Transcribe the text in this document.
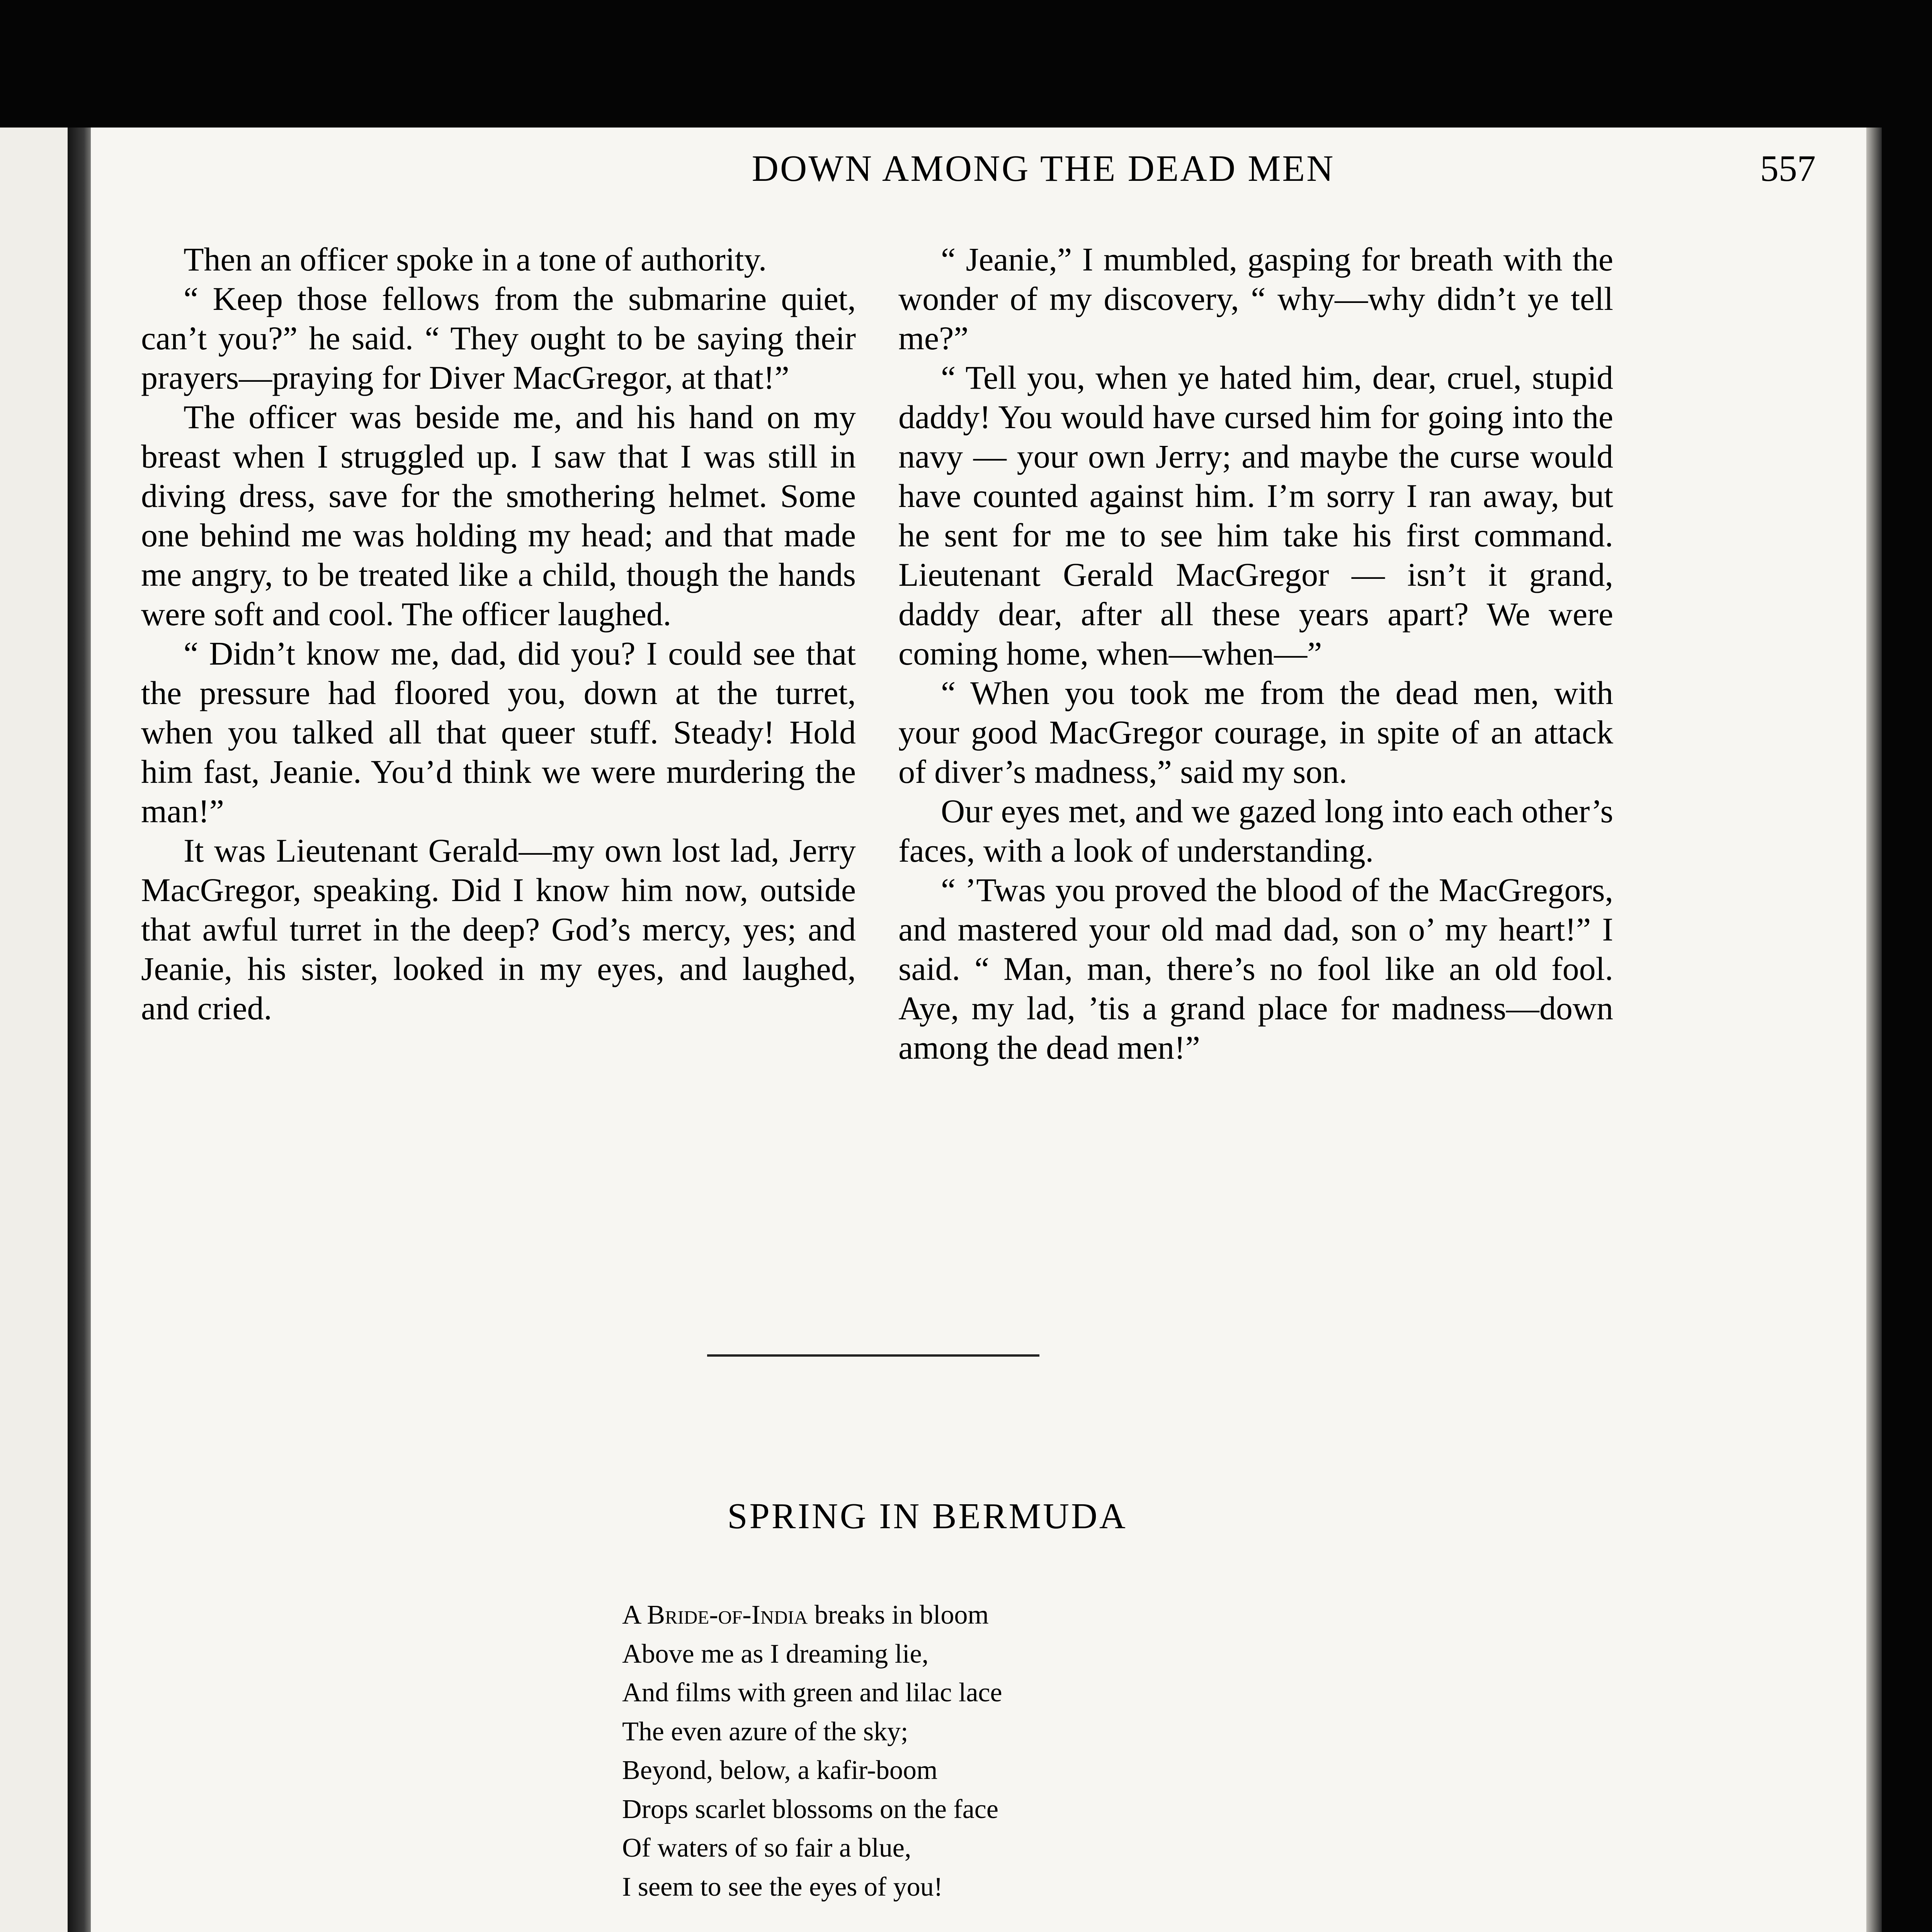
DOWN AMONG THE DEAD MEN	557

Then an officer spoke in a tone of authority.

“ Keep those fellows from the submarine quiet, can’t you?” he said. “ They ought to be saying their prayers—praying for Diver MacGregor, at that!”

The officer was beside me, and his hand on my breast when I struggled up. I saw that I was still in diving dress, save for the smothering helmet. Some one behind me was holding my head; and that made me angry, to be treated like a child, though the hands were soft and cool. The officer laughed.

“ Didn’t know me, dad, did you? I could see that the pressure had floored you, down at the turret, when you talked all that queer stuff. Steady! Hold him fast, Jeanie. You’d think we were murdering the man!”

It was Lieutenant Gerald—my own lost lad, Jerry MacGregor, speaking. Did I know him now, outside that awful turret in the deep? God’s mercy, yes; and Jeanie, his sister, looked in my eyes, and laughed, and cried.

“ Jeanie,” I mumbled, gasping for breath with the wonder of my discovery, “ why—why didn’t ye tell me?”

“ Tell you, when ye hated him, dear, cruel, stupid daddy! You would have cursed him for going into the navy — your own Jerry; and maybe the curse would have counted against him. I’m sorry I ran away, but he sent for me to see him take his first command. Lieutenant Gerald MacGregor — isn’t it grand, daddy dear, after all these years apart? We were coming home, when—when—”

“ When you took me from the dead men, with your good MacGregor courage, in spite of an attack of diver’s madness,” said my son.

Our eyes met, and we gazed long into each other’s faces, with a look of understanding.

“ ’Twas you proved the blood of the MacGregors, and mastered your old mad dad, son o’ my heart!” I said. “ Man, man, there’s no fool like an old fool. Aye, my lad, ’tis a grand place for madness—down among the dead men!”

SPRING IN BERMUDA
A Bride-of-India breaks in bloom
Above me as I dreaming lie,
And films with green and lilac lace
The even azure of the sky;
Beyond, below, a kafir-boom
Drops scarlet blossoms on the face
Of waters of so fair a blue,
I seem to see the eyes of you!
